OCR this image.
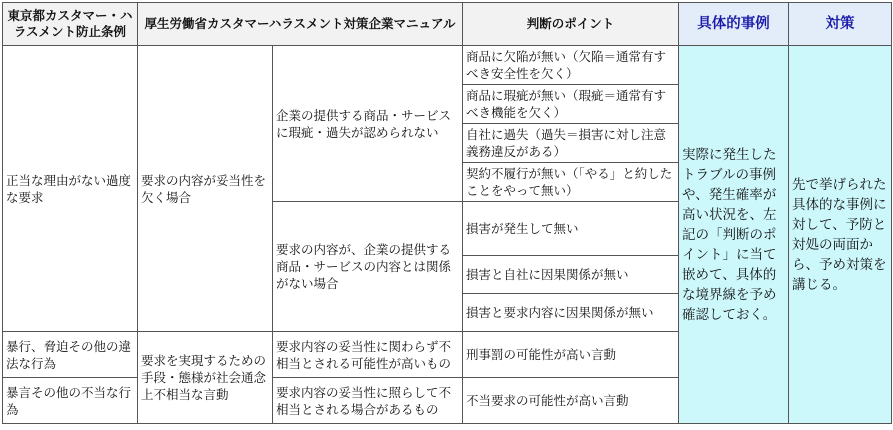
東京都カスタマー・ハラスメント防止条例	厚生労働省カスタマーハラスメント対策企業マニュアル		判断のポイント	具体的事例	対策
正当な理由がない過度な要求	要求の内容が妥当性を欠く場合	企業の提供する商品・サービスに瑕疵・過失が認められない	商品に欠陥が無い（欠陥＝通常有すべき安全性を欠く）	実際に発生したトラブルの事例や、発生確率が高い状況を、左記の「判断のポイント」に当て嵌めて、具体的な境界線を予め確認しておく。	先で挙げられた具体的な事例に対して、予防と対処の両面から、予め対策を講じる。
			商品に瑕疵が無い（瑕疵＝通常有すべき機能を欠く）		
			自社に過失（過失＝損害に対し注意義務違反がある）		
			契約不履行が無い（「やる」と約したことをやって無い）		
		要求の内容が、企業の提供する商品・サービスの内容とは関係がない場合	損害が発生して無い		
			損害と自社に因果関係が無い		
			損害と要求内容に因果関係が無い		
暴行、脅迫その他の違法な行為	要求を実現するための手段・態様が社会通念上不相当な言動	要求内容の妥当性に関わらず不相当とされる可能性が高いもの	刑事罰の可能性が高い言動		
暴言その他の不当な行為		要求内容の妥当性に照らして不相当とされる場合があるもの	不当要求の可能性が高い言動		
